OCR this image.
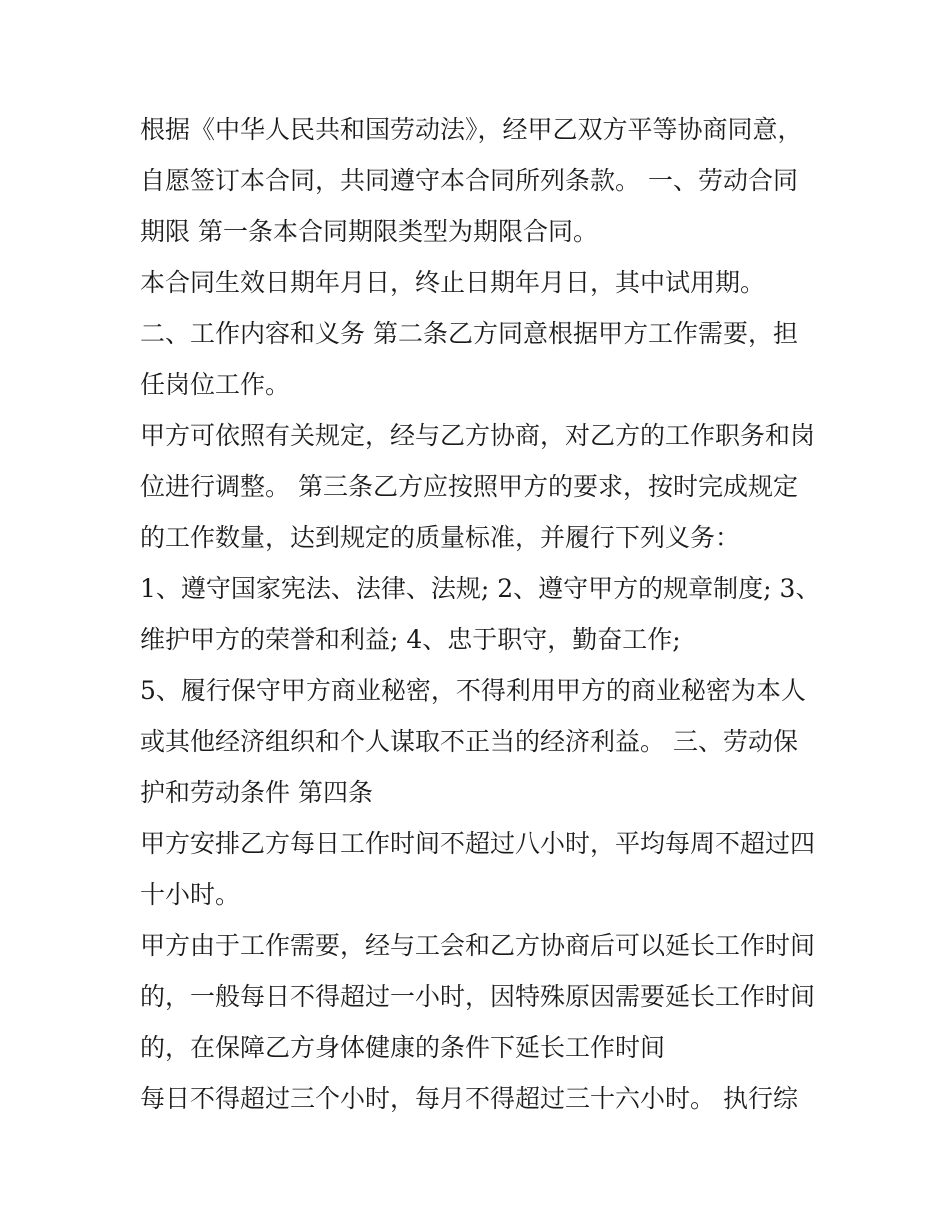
根据《中华人民共和国劳动法》，经甲乙双方平等协商同意，
自愿签订本合同，共同遵守本合同所列条款。 一、劳动合同
期限 第一条本合同期限类型为期限合同。
本合同生效日期年月日，终止日期年月日，其中试用期。
二、工作内容和义务 第二条乙方同意根据甲方工作需要，担
任岗位工作。
甲方可依照有关规定，经与乙方协商，对乙方的工作职务和岗
位进行调整。 第三条乙方应按照甲方的要求，按时完成规定
的工作数量，达到规定的质量标准，并履行下列义务：
1、遵守国家宪法、法律、法规; 2、遵守甲方的规章制度; 3、
维护甲方的荣誉和利益; 4、忠于职守，勤奋工作;
5、履行保守甲方商业秘密，不得利用甲方的商业秘密为本人
或其他经济组织和个人谋取不正当的经济利益。 三、劳动保
护和劳动条件 第四条
甲方安排乙方每日工作时间不超过八小时，平均每周不超过四
十小时。
甲方由于工作需要，经与工会和乙方协商后可以延长工作时间
的，一般每日不得超过一小时，因特殊原因需要延长工作时间
的，在保障乙方身体健康的条件下延长工作时间
每日不得超过三个小时，每月不得超过三十六小时。 执行综
